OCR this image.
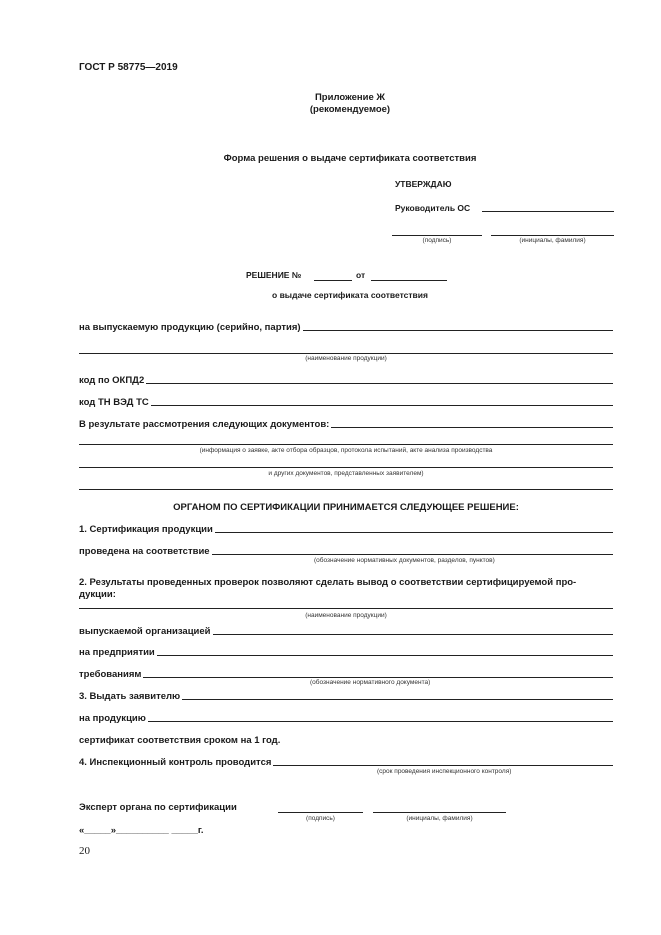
ГОСТ Р 58775—2019
Приложение Ж
(рекомендуемое)
Форма решения о выдаче сертификата соответствия
УТВЕРЖДАЮ
Руководитель ОС
(подпись)	(инициалы, фамилия)
РЕШЕНИЕ №	от
о выдаче сертификата соответствия
на выпускаемую продукцию (серийно, партия)
(наименование продукции)
код по ОКПД2
код ТН ВЭД ТС
В результате рассмотрения следующих документов:
(информация о заявке, акте отбора образцов, протокола испытаний, акте анализа производства
и других документов, представленных заявителем)
ОРГАНОМ ПО СЕРТИФИКАЦИИ ПРИНИМАЕТСЯ СЛЕДУЮЩЕЕ РЕШЕНИЕ:
1. Сертификация продукции
проведена на соответствие
(обозначение нормативных документов, разделов, пунктов)
2. Результаты проведенных проверок позволяют сделать вывод о соответствии сертифицируемой про-
дукции:
(наименование продукции)
выпускаемой организацией
на предприятии
требованиям
(обозначение нормативного документа)
3. Выдать заявителю
на продукцию
сертификат соответствия сроком на 1 год.
4. Инспекционный контроль проводится
(срок проведения инспекционного контроля)
Эксперт органа по сертификации
(подпись)	(инициалы, фамилия)
«_____»__________ _____г.
20
